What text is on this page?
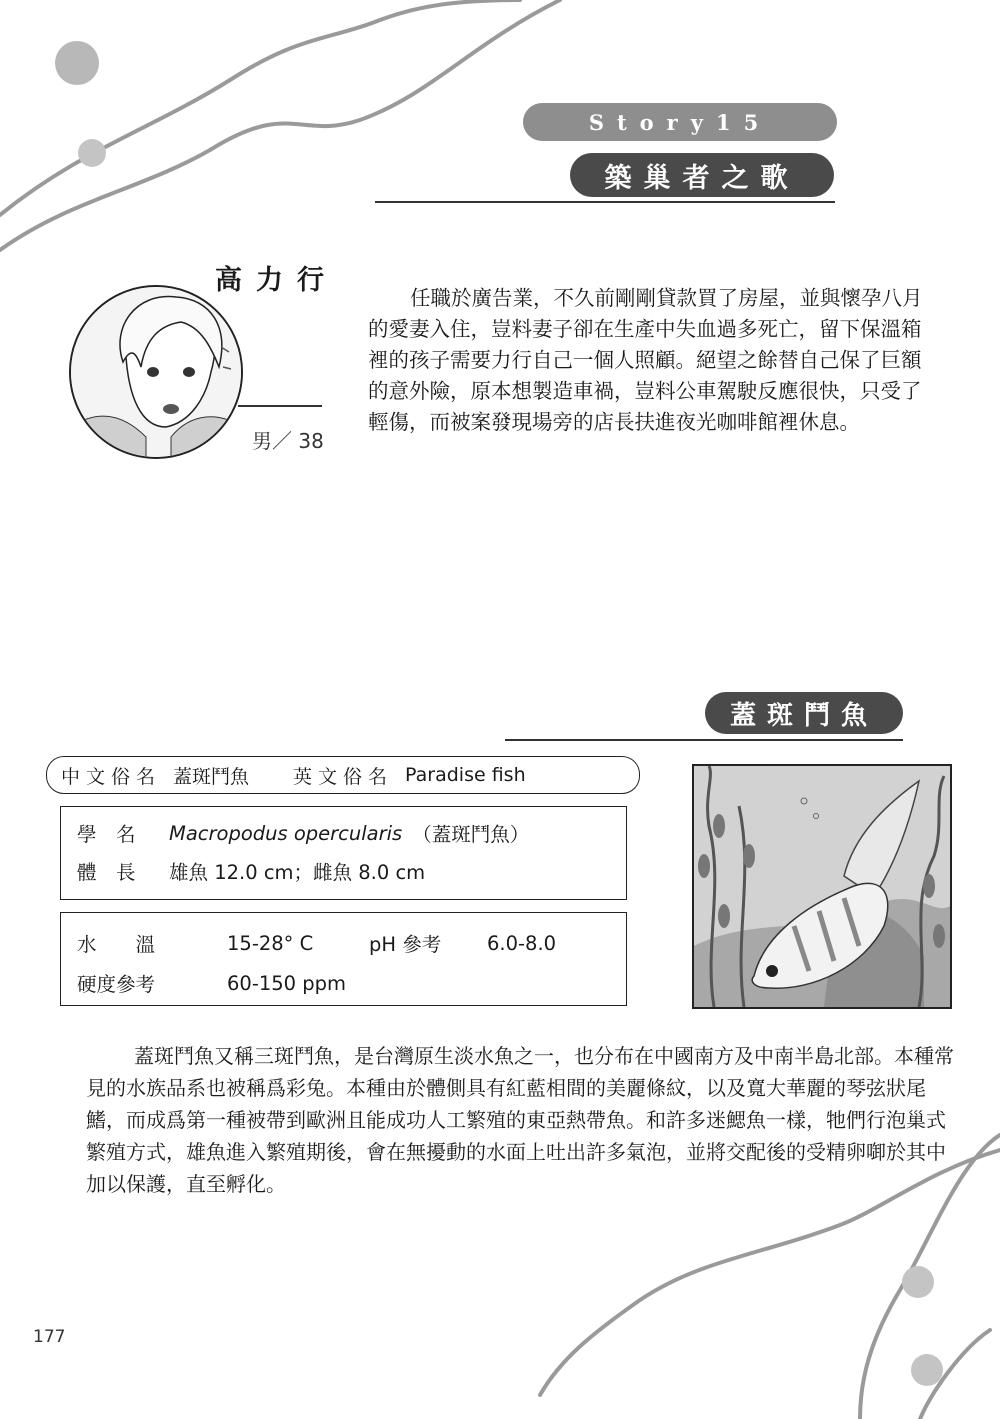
Story15
築巢者之歌
高力行
男／ 38

任職於廣告業，不久前剛剛貸款買了房屋，並與懷孕八月的愛妻入住，豈料妻子卻在生產中失血過多死亡，留下保溫箱裡的孩子需要力行自己一個人照顧。絕望之餘替自己保了巨額的意外險，原本想製造車禍，豈料公車駕駛反應很快，只受了輕傷，而被案發現場旁的店長扶進夜光咖啡館裡休息。

蓋斑鬥魚
中文俗名 蓋斑鬥魚	英文俗名 Paradise fish
學　名	Macropodus opercularis （蓋斑鬥魚）
體　長	雄魚 12.0 cm；雌魚 8.0 cm
水　　溫	15-28° C	pH 參考	6.0-8.0
硬度參考	60-150 ppm

蓋斑鬥魚又稱三斑鬥魚，是台灣原生淡水魚之一，也分布在中國南方及中南半島北部。本種常見的水族品系也被稱爲彩兔。本種由於體側具有紅藍相間的美麗條紋，以及寬大華麗的琴弦狀尾鰭，而成爲第一種被帶到歐洲且能成功人工繁殖的東亞熱帶魚。和許多迷鰓魚一樣，牠們行泡巢式繁殖方式，雄魚進入繁殖期後，會在無擾動的水面上吐出許多氣泡，並將交配後的受精卵啣於其中加以保護，直至孵化。

177
